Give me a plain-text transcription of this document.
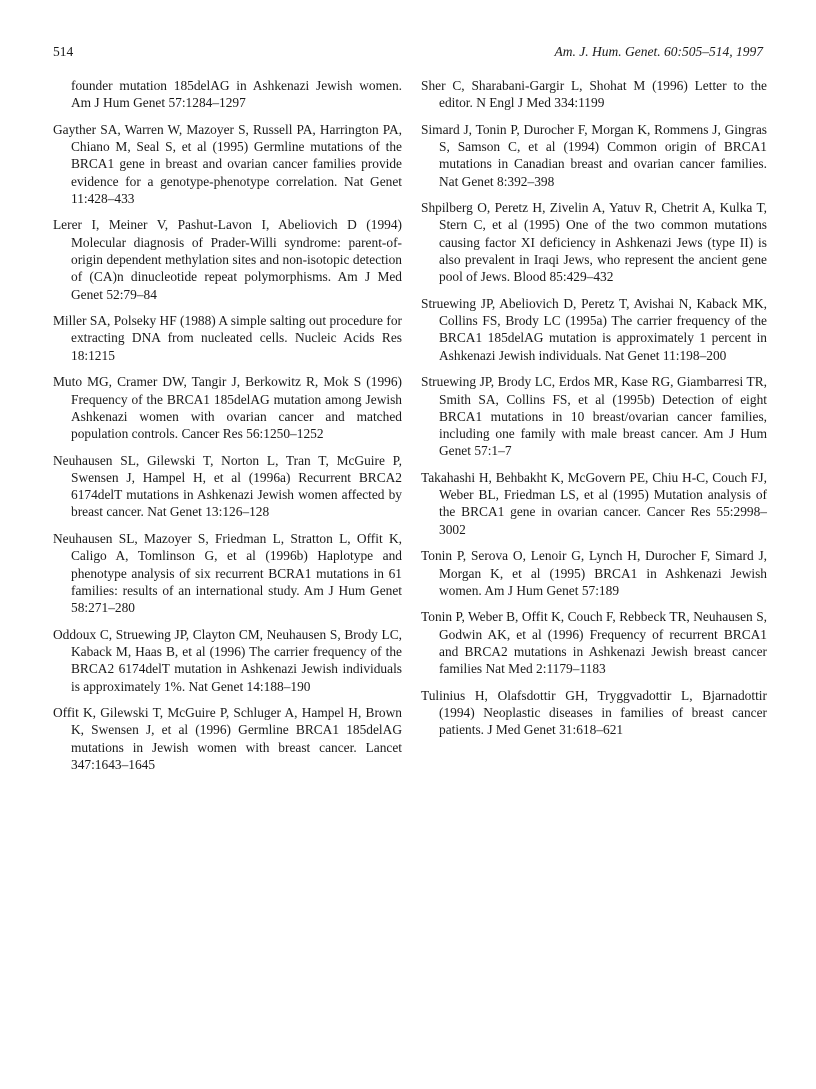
514	Am. J. Hum. Genet. 60:505–514, 1997

founder mutation 185delAG in Ashkenazi Jewish women. Am J Hum Genet 57:1284–1297

Gayther SA, Warren W, Mazoyer S, Russell PA, Harrington PA, Chiano M, Seal S, et al (1995) Germline mutations of the BRCA1 gene in breast and ovarian cancer families provide evidence for a genotype-phenotype correlation. Nat Genet 11:428–433

Lerer I, Meiner V, Pashut-Lavon I, Abeliovich D (1994) Molecular diagnosis of Prader-Willi syndrome: parent-of-origin dependent methylation sites and non-isotopic detection of (CA)n dinucleotide repeat polymorphisms. Am J Med Genet 52:79–84

Miller SA, Polseky HF (1988) A simple salting out procedure for extracting DNA from nucleated cells. Nucleic Acids Res 18:1215

Muto MG, Cramer DW, Tangir J, Berkowitz R, Mok S (1996) Frequency of the BRCA1 185delAG mutation among Jewish Ashkenazi women with ovarian cancer and matched population controls. Cancer Res 56:1250–1252

Neuhausen SL, Gilewski T, Norton L, Tran T, McGuire P, Swensen J, Hampel H, et al (1996a) Recurrent BRCA2 6174delT mutations in Ashkenazi Jewish women affected by breast cancer. Nat Genet 13:126–128

Neuhausen SL, Mazoyer S, Friedman L, Stratton L, Offit K, Caligo A, Tomlinson G, et al (1996b) Haplotype and phenotype analysis of six recurrent BCRA1 mutations in 61 families: results of an international study. Am J Hum Genet 58:271–280

Oddoux C, Struewing JP, Clayton CM, Neuhausen S, Brody LC, Kaback M, Haas B, et al (1996) The carrier frequency of the BRCA2 6174delT mutation in Ashkenazi Jewish individuals is approximately 1%. Nat Genet 14:188–190

Offit K, Gilewski T, McGuire P, Schluger A, Hampel H, Brown K, Swensen J, et al (1996) Germline BRCA1 185delAG mutations in Jewish women with breast cancer. Lancet 347:1643–1645

Sher C, Sharabani-Gargir L, Shohat M (1996) Letter to the editor. N Engl J Med 334:1199

Simard J, Tonin P, Durocher F, Morgan K, Rommens J, Gingras S, Samson C, et al (1994) Common origin of BRCA1 mutations in Canadian breast and ovarian cancer families. Nat Genet 8:392–398

Shpilberg O, Peretz H, Zivelin A, Yatuv R, Chetrit A, Kulka T, Stern C, et al (1995) One of the two common mutations causing factor XI deficiency in Ashkenazi Jews (type II) is also prevalent in Iraqi Jews, who represent the ancient gene pool of Jews. Blood 85:429–432

Struewing JP, Abeliovich D, Peretz T, Avishai N, Kaback MK, Collins FS, Brody LC (1995a) The carrier frequency of the BRCA1 185delAG mutation is approximately 1 percent in Ashkenazi Jewish individuals. Nat Genet 11:198–200

Struewing JP, Brody LC, Erdos MR, Kase RG, Giambarresi TR, Smith SA, Collins FS, et al (1995b) Detection of eight BRCA1 mutations in 10 breast/ovarian cancer families, including one family with male breast cancer. Am J Hum Genet 57:1–7

Takahashi H, Behbakht K, McGovern PE, Chiu H-C, Couch FJ, Weber BL, Friedman LS, et al (1995) Mutation analysis of the BRCA1 gene in ovarian cancer. Cancer Res 55:2998–3002

Tonin P, Serova O, Lenoir G, Lynch H, Durocher F, Simard J, Morgan K, et al (1995) BRCA1 in Ashkenazi Jewish women. Am J Hum Genet 57:189

Tonin P, Weber B, Offit K, Couch F, Rebbeck TR, Neuhausen S, Godwin AK, et al (1996) Frequency of recurrent BRCA1 and BRCA2 mutations in Ashkenazi Jewish breast cancer families Nat Med 2:1179–1183

Tulinius H, Olafsdottir GH, Tryggvadottir L, Bjarnadottir (1994) Neoplastic diseases in families of breast cancer patients. J Med Genet 31:618–621
